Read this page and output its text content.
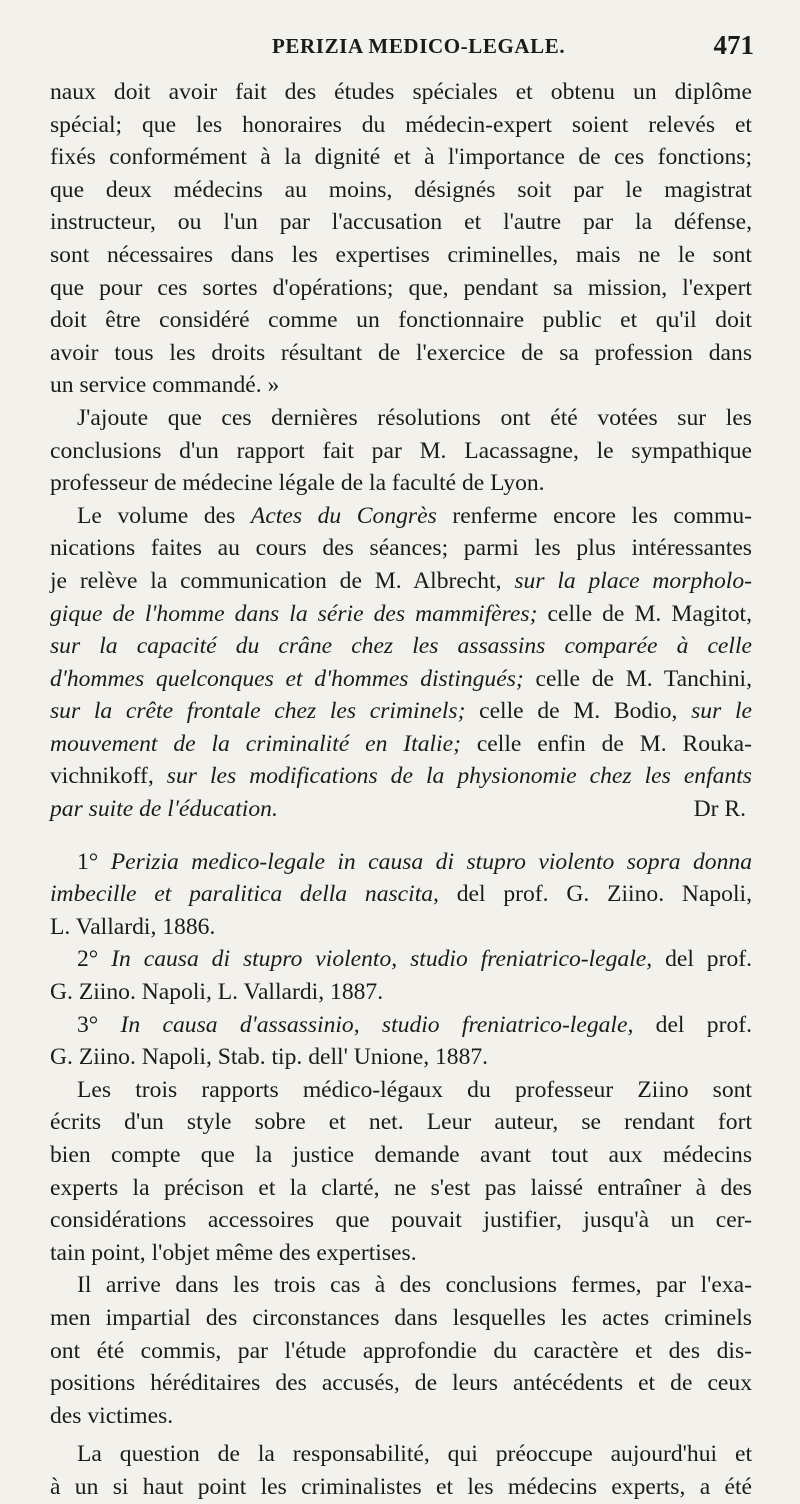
PERIZIA MEDICO-LEGALE.	471
naux doit avoir fait des études spéciales et obtenu un diplôme
spécial; que les honoraires du médecin-expert soient relevés et
fixés conformément à la dignité et à l'importance de ces fonctions;
que deux médecins au moins, désignés soit par le magistrat
instructeur, ou l'un par l'accusation et l'autre par la défense,
sont nécessaires dans les expertises criminelles, mais ne le sont
que pour ces sortes d'opérations; que, pendant sa mission, l'expert
doit être considéré comme un fonctionnaire public et qu'il doit
avoir tous les droits résultant de l'exercice de sa profession dans
un service commandé. »
J'ajoute que ces dernières résolutions ont été votées sur les
conclusions d'un rapport fait par M. Lacassagne, le sympathique
professeur de médecine légale de la faculté de Lyon.
Le volume des Actes du Congrès renferme encore les commu-
nications faites au cours des séances; parmi les plus intéressantes
je relève la communication de M. Albrecht, sur la place morpholo-
gique de l'homme dans la série des mammifères; celle de M. Magitot,
sur la capacité du crâne chez les assassins comparée à celle
d'hommes quelconques et d'hommes distingués; celle de M. Tanchini,
sur la crête frontale chez les criminels; celle de M. Bodio, sur le
mouvement de la criminalité en Italie; celle enfin de M. Rouka-
vichnikoff, sur les modifications de la physionomie chez les enfants
par suite de l'éducation.	Dr R.
1° Perizia medico-legale in causa di stupro violento sopra donna
imbecille et paralitica della nascita, del prof. G. Ziino. Napoli,
L. Vallardi, 1886.
2° In causa di stupro violento, studio freniatrico-legale, del prof.
G. Ziino. Napoli, L. Vallardi, 1887.
3° In causa d'assassinio, studio freniatrico-legale, del prof.
G. Ziino. Napoli, Stab. tip. dell' Unione, 1887.
Les trois rapports médico-légaux du professeur Ziino sont
écrits d'un style sobre et net. Leur auteur, se rendant fort
bien compte que la justice demande avant tout aux médecins
experts la précison et la clarté, ne s'est pas laissé entraîner à des
considérations accessoires que pouvait justifier, jusqu'à un cer-
tain point, l'objet même des expertises.
Il arrive dans les trois cas à des conclusions fermes, par l'exa-
men impartial des circonstances dans lesquelles les actes criminels
ont été commis, par l'étude approfondie du caractère et des dis-
positions héréditaires des accusés, de leurs antécédents et de ceux
des victimes.
La question de la responsabilité, qui préoccupe aujourd'hui et
à un si haut point les criminalistes et les médecins experts, a été
